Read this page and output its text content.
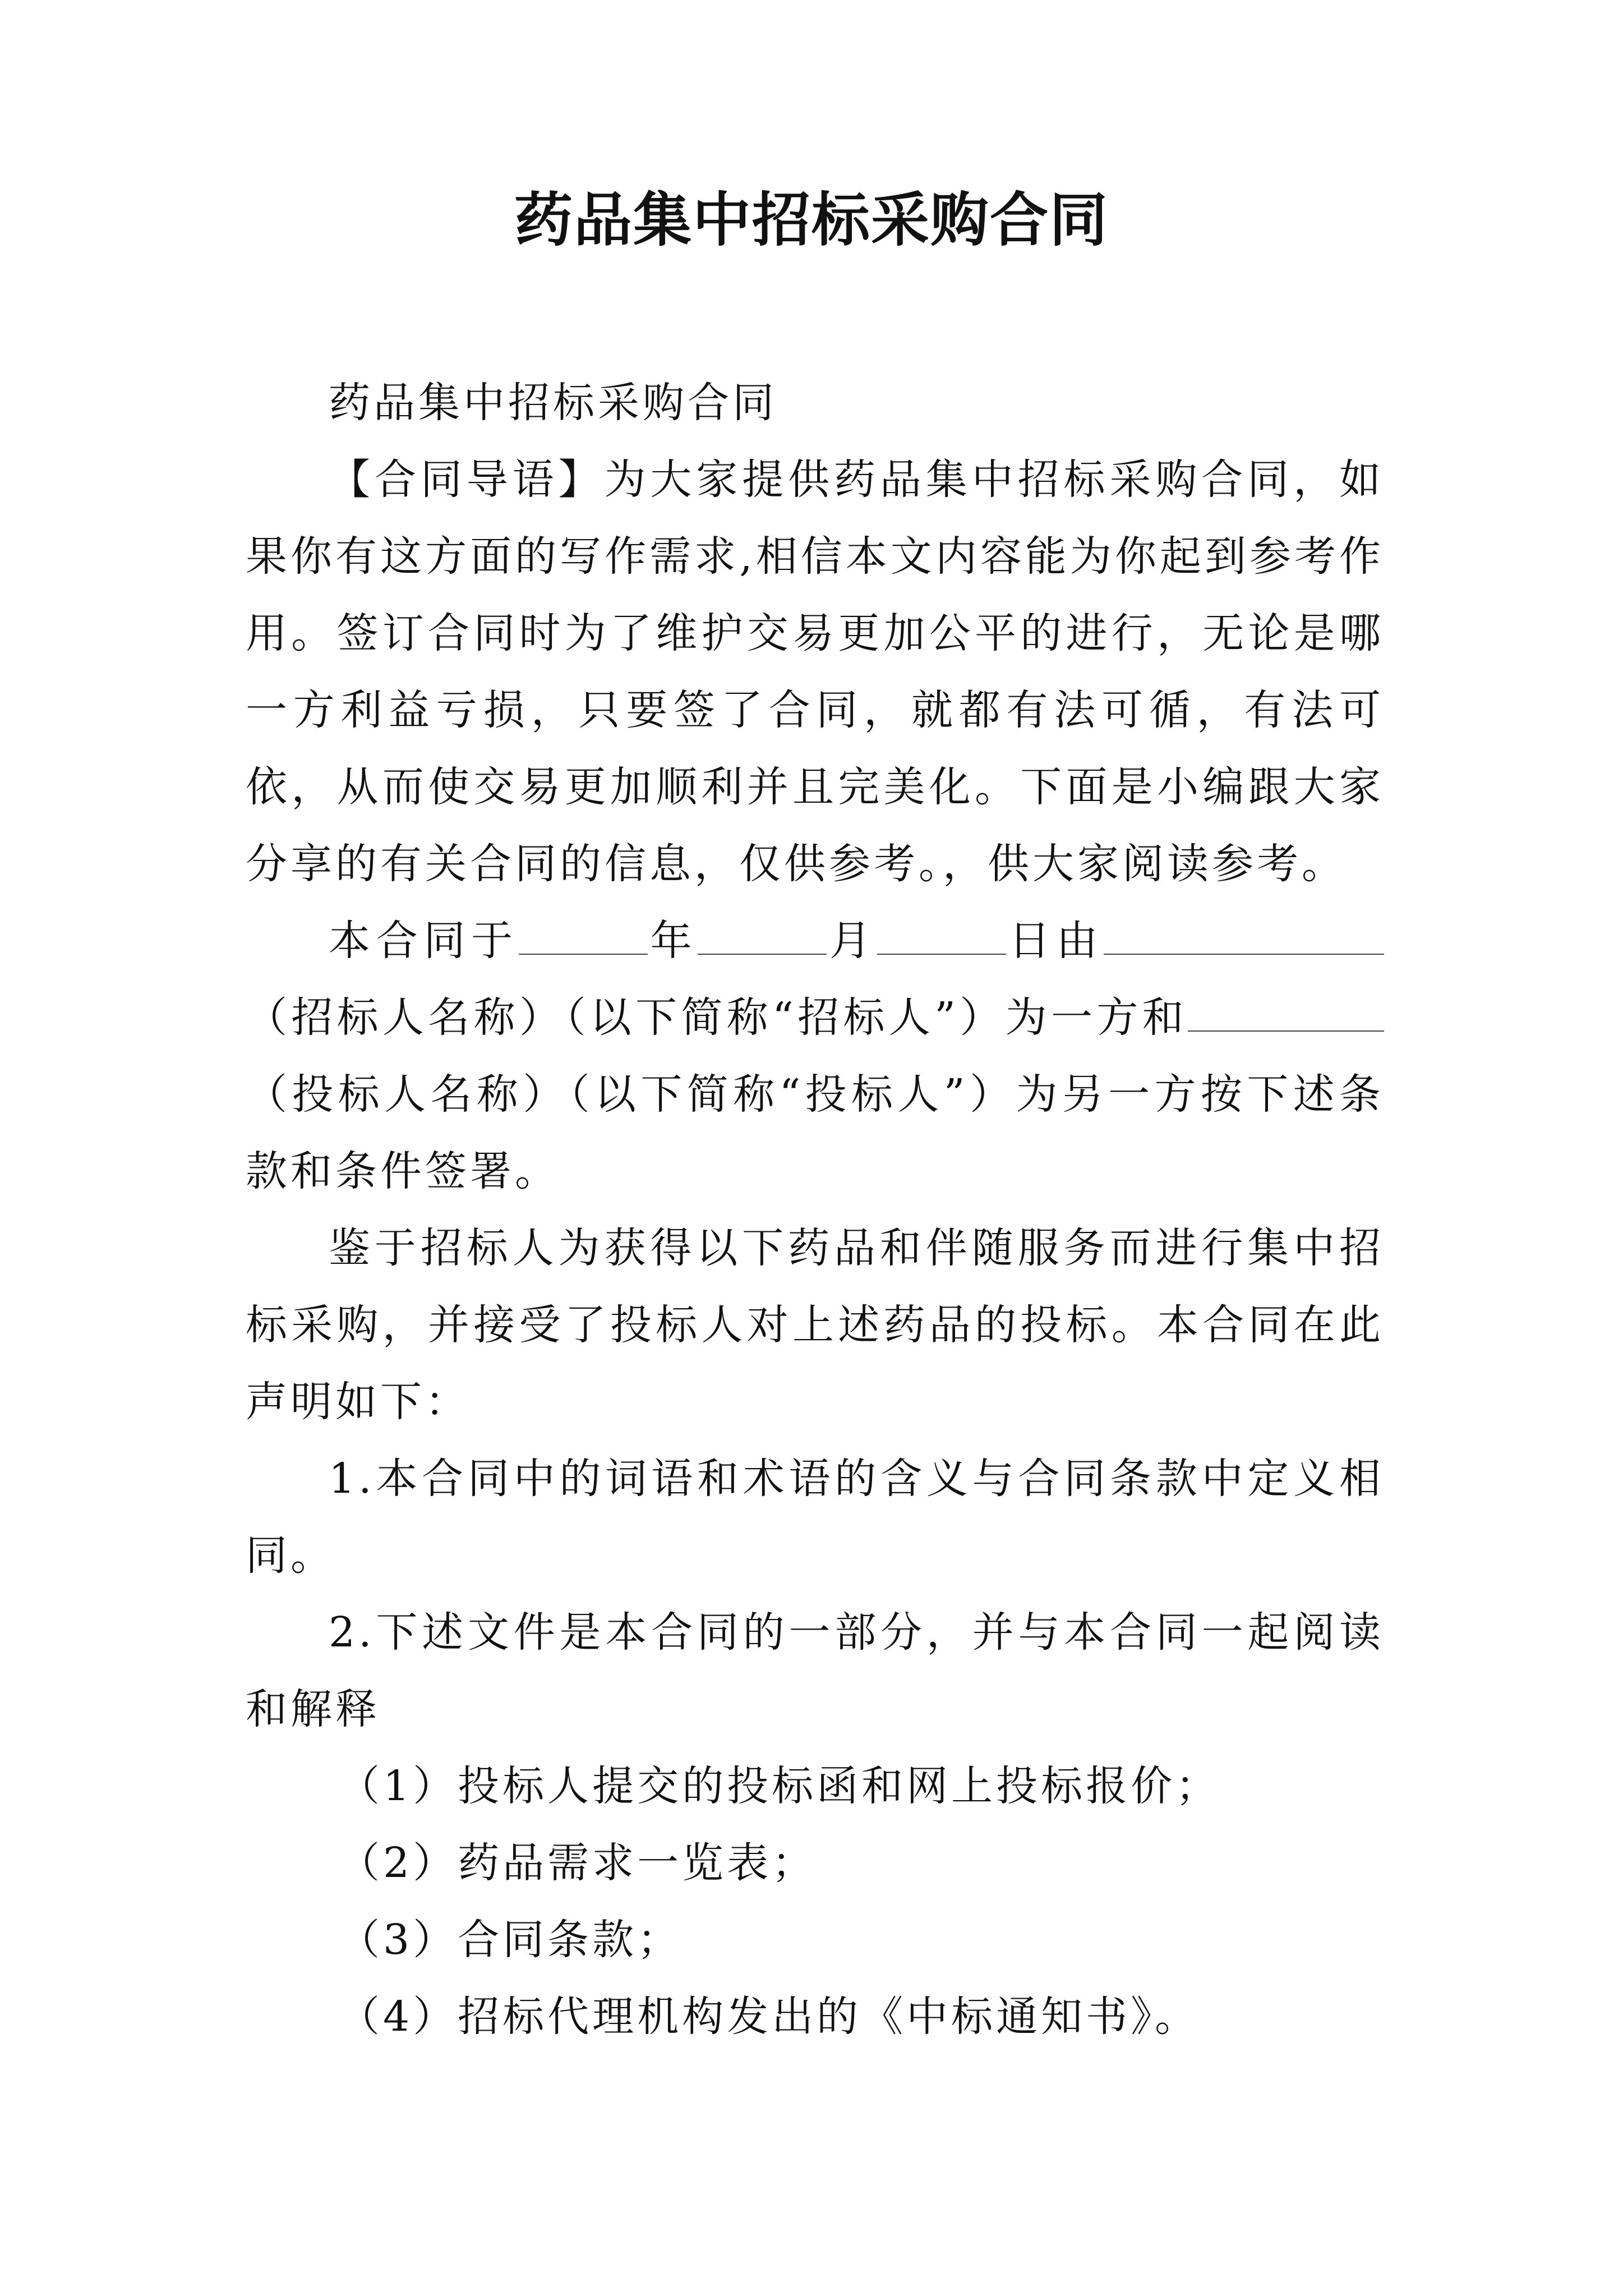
药品集中招标采购合同

药品集中招标采购合同

【合同导语】为大家提供药品集中招标采购合同，如果你有这方面的写作需求,相信本文内容能为你起到参考作用。签订合同时为了维护交易更加公平的进行，无论是哪一方利益亏损，只要签了合同，就都有法可循，有法可依，从而使交易更加顺利并且完美化。下面是小编跟大家分享的有关合同的信息，仅供参考。，供大家阅读参考。

本合同于	年	月	日由（招标人名称）（以下简称“招标人”）为一方和（投标人名称）（以下简称“投标人”）为另一方按下述条款和条件签署。

鉴于招标人为获得以下药品和伴随服务而进行集中招标采购，并接受了投标人对上述药品的投标。本合同在此声明如下：

1.本合同中的词语和术语的含义与合同条款中定义相同。

2.下述文件是本合同的一部分，并与本合同一起阅读和解释

（1）投标人提交的投标函和网上投标报价；

（2）药品需求一览表；

（3）合同条款；

（4）招标代理机构发出的《中标通知书》。
